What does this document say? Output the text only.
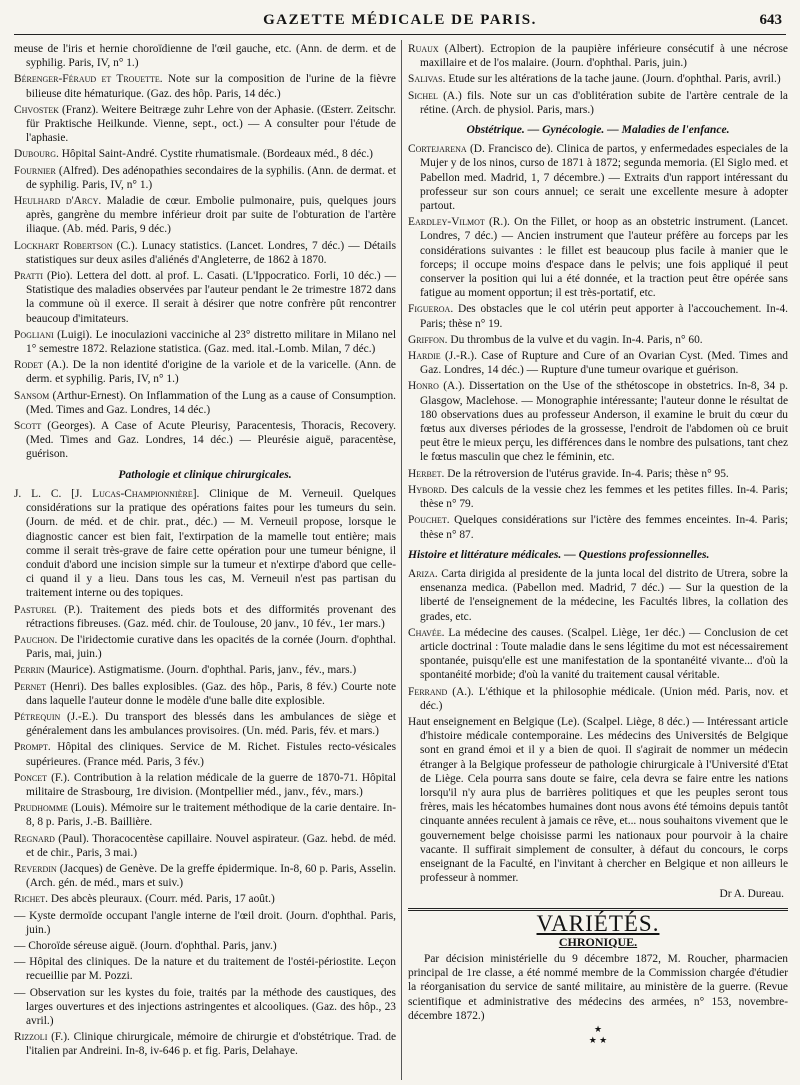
GAZETTE MÉDICALE DE PARIS.	643

meuse de l'iris et hernie choroïdienne de l'œil gauche, etc. (Ann. de derm. et de syphilig. Paris, IV, n° 1.)

Bérenger-Féraud et Trouette. Note sur la composition de l'urine de la fièvre bilieuse dite hématurique. (Gaz. des hôp. Paris, 14 déc.)

Chvostek (Franz). Weitere Beitræge zuhr Lehre von der Aphasie. (Œsterr. Zeitschr. für Praktische Heilkunde. Vienne, sept., oct.) — A consulter pour l'étude de l'aphasie.

Dubourg. Hôpital Saint-André. Cystite rhumatismale. (Bordeaux méd., 8 déc.)

Fournier (Alfred). Des adénopathies secondaires de la syphilis. (Ann. de dermat. et de syphilig. Paris, IV, n° 1.)

Heulhard d'Arcy. Maladie de cœur. Embolie pulmonaire, puis, quelques jours après, gangrène du membre inférieur droit par suite de l'obturation de l'artère iliaque. (Ab. méd. Paris, 9 déc.)

Lockhart Robertson (C.). Lunacy statistics. (Lancet. Londres, 7 déc.) — Détails statistiques sur deux asiles d'aliénés d'Angleterre, de 1862 à 1870.

Pratti (Pio). Lettera del dott. al prof. L. Casati. (L'Ippocratico. Forli, 10 déc.) — Statistique des maladies observées par l'auteur pendant le 2e trimestre 1872 dans la commune où il exerce. Il serait à désirer que notre confrère pût rencontrer beaucoup d'imitateurs.

Pogliani (Luigi). Le inoculazioni vacciniche al 23° distretto militare in Milano nel 1° semestre 1872. Relazione statistica. (Gaz. med. ital.-Lomb. Milan, 7 déc.)

Rodet (A.). De la non identité d'origine de la variole et de la varicelle. (Ann. de derm. et syphilig. Paris, IV, n° 1.)

Sansom (Arthur-Ernest). On Inflammation of the Lung as a cause of Consumption. (Med. Times and Gaz. Londres, 14 déc.)

Scott (Georges). A Case of Acute Pleurisy, Paracentesis, Thoracis, Recovery. (Med. Times and Gaz. Londres, 14 déc.) — Pleurésie aiguë, paracentèse, guérison.

Pathologie et clinique chirurgicales.

J. L. C. [J. Lucas-Championnière]. Clinique de M. Verneuil. Quelques considérations sur la pratique des opérations faites pour les tumeurs du sein. (Journ. de méd. et de chir. prat., déc.) — M. Verneuil propose, lorsque le diagnostic cancer est bien fait, l'extirpation de la mamelle tout entière; mais comme il serait très-grave de faire cette opération pour une tumeur bénigne, il conduit d'abord une incision simple sur la tumeur et n'extirpe d'abord que celle-ci quand il y a lieu. Dans tous les cas, M. Verneuil n'est pas partisan du traitement interne ou des topiques.

Pasturel (P.). Traitement des pieds bots et des difformités provenant des rétractions fibreuses. (Gaz. méd. chir. de Toulouse, 20 janv., 10 fév., 1er mars.)

Pauchon. De l'iridectomie curative dans les opacités de la cornée (Journ. d'ophthal. Paris, mai, juin.)

Perrin (Maurice). Astigmatisme. (Journ. d'ophthal. Paris, janv., fév., mars.)

Pernet (Henri). Des balles explosibles. (Gaz. des hôp., Paris, 8 fév.) Courte note dans laquelle l'auteur donne le modèle d'une balle dite explosible.

Pétrequin (J.-E.). Du transport des blessés dans les ambulances de siège et généralement dans les ambulances provisoires. (Un. méd. Paris, fév. et mars.)

Prompt. Hôpital des cliniques. Service de M. Richet. Fistules recto-vésicales supérieures. (France méd. Paris, 3 fév.)

Poncet (F.). Contribution à la relation médicale de la guerre de 1870-71. Hôpital militaire de Strasbourg, 1re division. (Montpellier méd., janv., fév., mars.)

Prudhomme (Louis). Mémoire sur le traitement méthodique de la carie dentaire. In-8, 8 p. Paris, J.-B. Baillière.

Regnard (Paul). Thoracocentèse capillaire. Nouvel aspirateur. (Gaz. hebd. de méd. et de chir., Paris, 3 mai.)

Reverdin (Jacques) de Genève. De la greffe épidermique. In-8, 60 p. Paris, Asselin. (Arch. gén. de méd., mars et suiv.)

Richet. Des abcès pleuraux. (Courr. méd. Paris, 17 août.)

— Kyste dermoïde occupant l'angle interne de l'œil droit. (Journ. d'ophthal. Paris, juin.)

— Choroïde séreuse aiguë. (Journ. d'ophthal. Paris, janv.)

— Hôpital des cliniques. De la nature et du traitement de l'ostéi-périostite. Leçon recueillie par M. Pozzi.

— Observation sur les kystes du foie, traités par la méthode des caustiques, des larges ouvertures et des injections astringentes et alcooliques. (Gaz. des hôp., 23 avril.)

Rizzoli (F.). Clinique chirurgicale, mémoire de chirurgie et d'obstétrique. Trad. de l'italien par Andreini. In-8, iv-646 p. et fig. Paris, Delahaye.

Ruaux (Albert). Ectropion de la paupière inférieure consécutif à une nécrose maxillaire et de l'os malaire. (Journ. d'ophthal. Paris, juin.)

Salivas. Etude sur les altérations de la tache jaune. (Journ. d'ophthal. Paris, avril.)

Sichel (A.) fils. Note sur un cas d'oblitération subite de l'artère centrale de la rétine. (Arch. de physiol. Paris, mars.)

Obstétrique. — Gynécologie. — Maladies de l'enfance.

Cortejarena (D. Francisco de). Clinica de partos, y enfermedades especiales de la Mujer y de los ninos, curso de 1871 à 1872; segunda memoria. (El Siglo med. et Pabellon med. Madrid, 1, 7 décembre.) — Extraits d'un rapport intéressant du professeur sur son cours annuel; ce serait une excellente mesure à adopter partout.

Eardley-Vilmot (R.). On the Fillet, or hoop as an obstetric instrument. (Lancet. Londres, 7 déc.) — Ancien instrument que l'auteur préfère au forceps par les considérations suivantes : le fillet est beaucoup plus facile à manier que le forceps; il occupe moins d'espace dans le pelvis; une fois appliqué il peut conserver la position qui lui a été donnée, et la traction peut être opérée sans fatigue au moment opportun; il est très-portatif, etc.

Figueroa. Des obstacles que le col utérin peut apporter à l'accouchement. In-4. Paris; thèse n° 19.

Griffon. Du thrombus de la vulve et du vagin. In-4. Paris, n° 60.

Hardie (J.-R.). Case of Rupture and Cure of an Ovarian Cyst. (Med. Times and Gaz. Londres, 14 déc.) — Rupture d'une tumeur ovarique et guérison.

Honro (A.). Dissertation on the Use of the sthétoscope in obstetrics. In-8, 34 p. Glasgow, Maclehose. — Monographie intéressante; l'auteur donne le résultat de 180 observations dues au professeur Anderson, il examine le bruit du cœur du fœtus aux diverses périodes de la grossesse, l'endroit de l'abdomen où ce bruit peut être le mieux perçu, les différences dans le nombre des pulsations, tant chez le fœtus masculin que chez le féminin, etc.

Herbet. De la rétroversion de l'utérus gravide. In-4. Paris; thèse n° 95.

Hybord. Des calculs de la vessie chez les femmes et les petites filles. In-4. Paris; thèse n° 79.

Pouchet. Quelques considérations sur l'ictère des femmes enceintes. In-4. Paris; thèse n° 87.

Histoire et littérature médicales. — Questions professionnelles.

Ariza. Carta dirigida al presidente de la junta local del distrito de Utrera, sobre la ensenanza medica. (Pabellon med. Madrid, 7 déc.) — Sur la question de la liberté de l'enseignement de la médecine, les Facultés libres, la collation des grades, etc.

Chavée. La médecine des causes. (Scalpel. Liège, 1er déc.) — Conclusion de cet article doctrinal : Toute maladie dans le sens légitime du mot est nécessairement spontanée, puisqu'elle est une manifestation de la spontanéité vivante... d'où la spontanéité morbide; d'où la vanité du traitement causal véritable.

Ferrand (A.). L'éthique et la philosophie médicale. (Union méd. Paris, nov. et déc.)

Haut enseignement en Belgique (Le). (Scalpel. Liège, 8 déc.) — Intéressant article d'histoire médicale contemporaine. Les médecins des Universités de Belgique sont en grand émoi et il y a bien de quoi. Il s'agirait de nommer un médecin étranger à la Belgique professeur de pathologie chirurgicale à l'Université d'Etat de Liège. Cela pourra sans doute se faire, cela devra se faire entre les nations lorsqu'il n'y aura plus de barrières politiques et que les peuples seront tous frères, mais les hécatombes humaines dont nous avons été témoins depuis tantôt cinquante années reculent à jamais ce rêve, et... nous souhaitons vivement que le gouvernement belge choisisse parmi les nationaux pour pourvoir à la chaire vacante. Il suffirait simplement de consulter, à défaut du concours, le corps enseignant de la Faculté, en l'invitant à chercher en Belgique et non ailleurs le professeur à nommer.

Dr A. Dureau.
VARIÉTÉS.
CHRONIQUE.

Par décision ministérielle du 9 décembre 1872, M. Roucher, pharmacien principal de 1re classe, a été nommé membre de la Commission chargée d'étudier la réorganisation du service de santé militaire, au ministère de la guerre. (Revue scientifique et administrative des médecins des armées, n° 153, novembre-décembre 1872.)

★
★ ★
